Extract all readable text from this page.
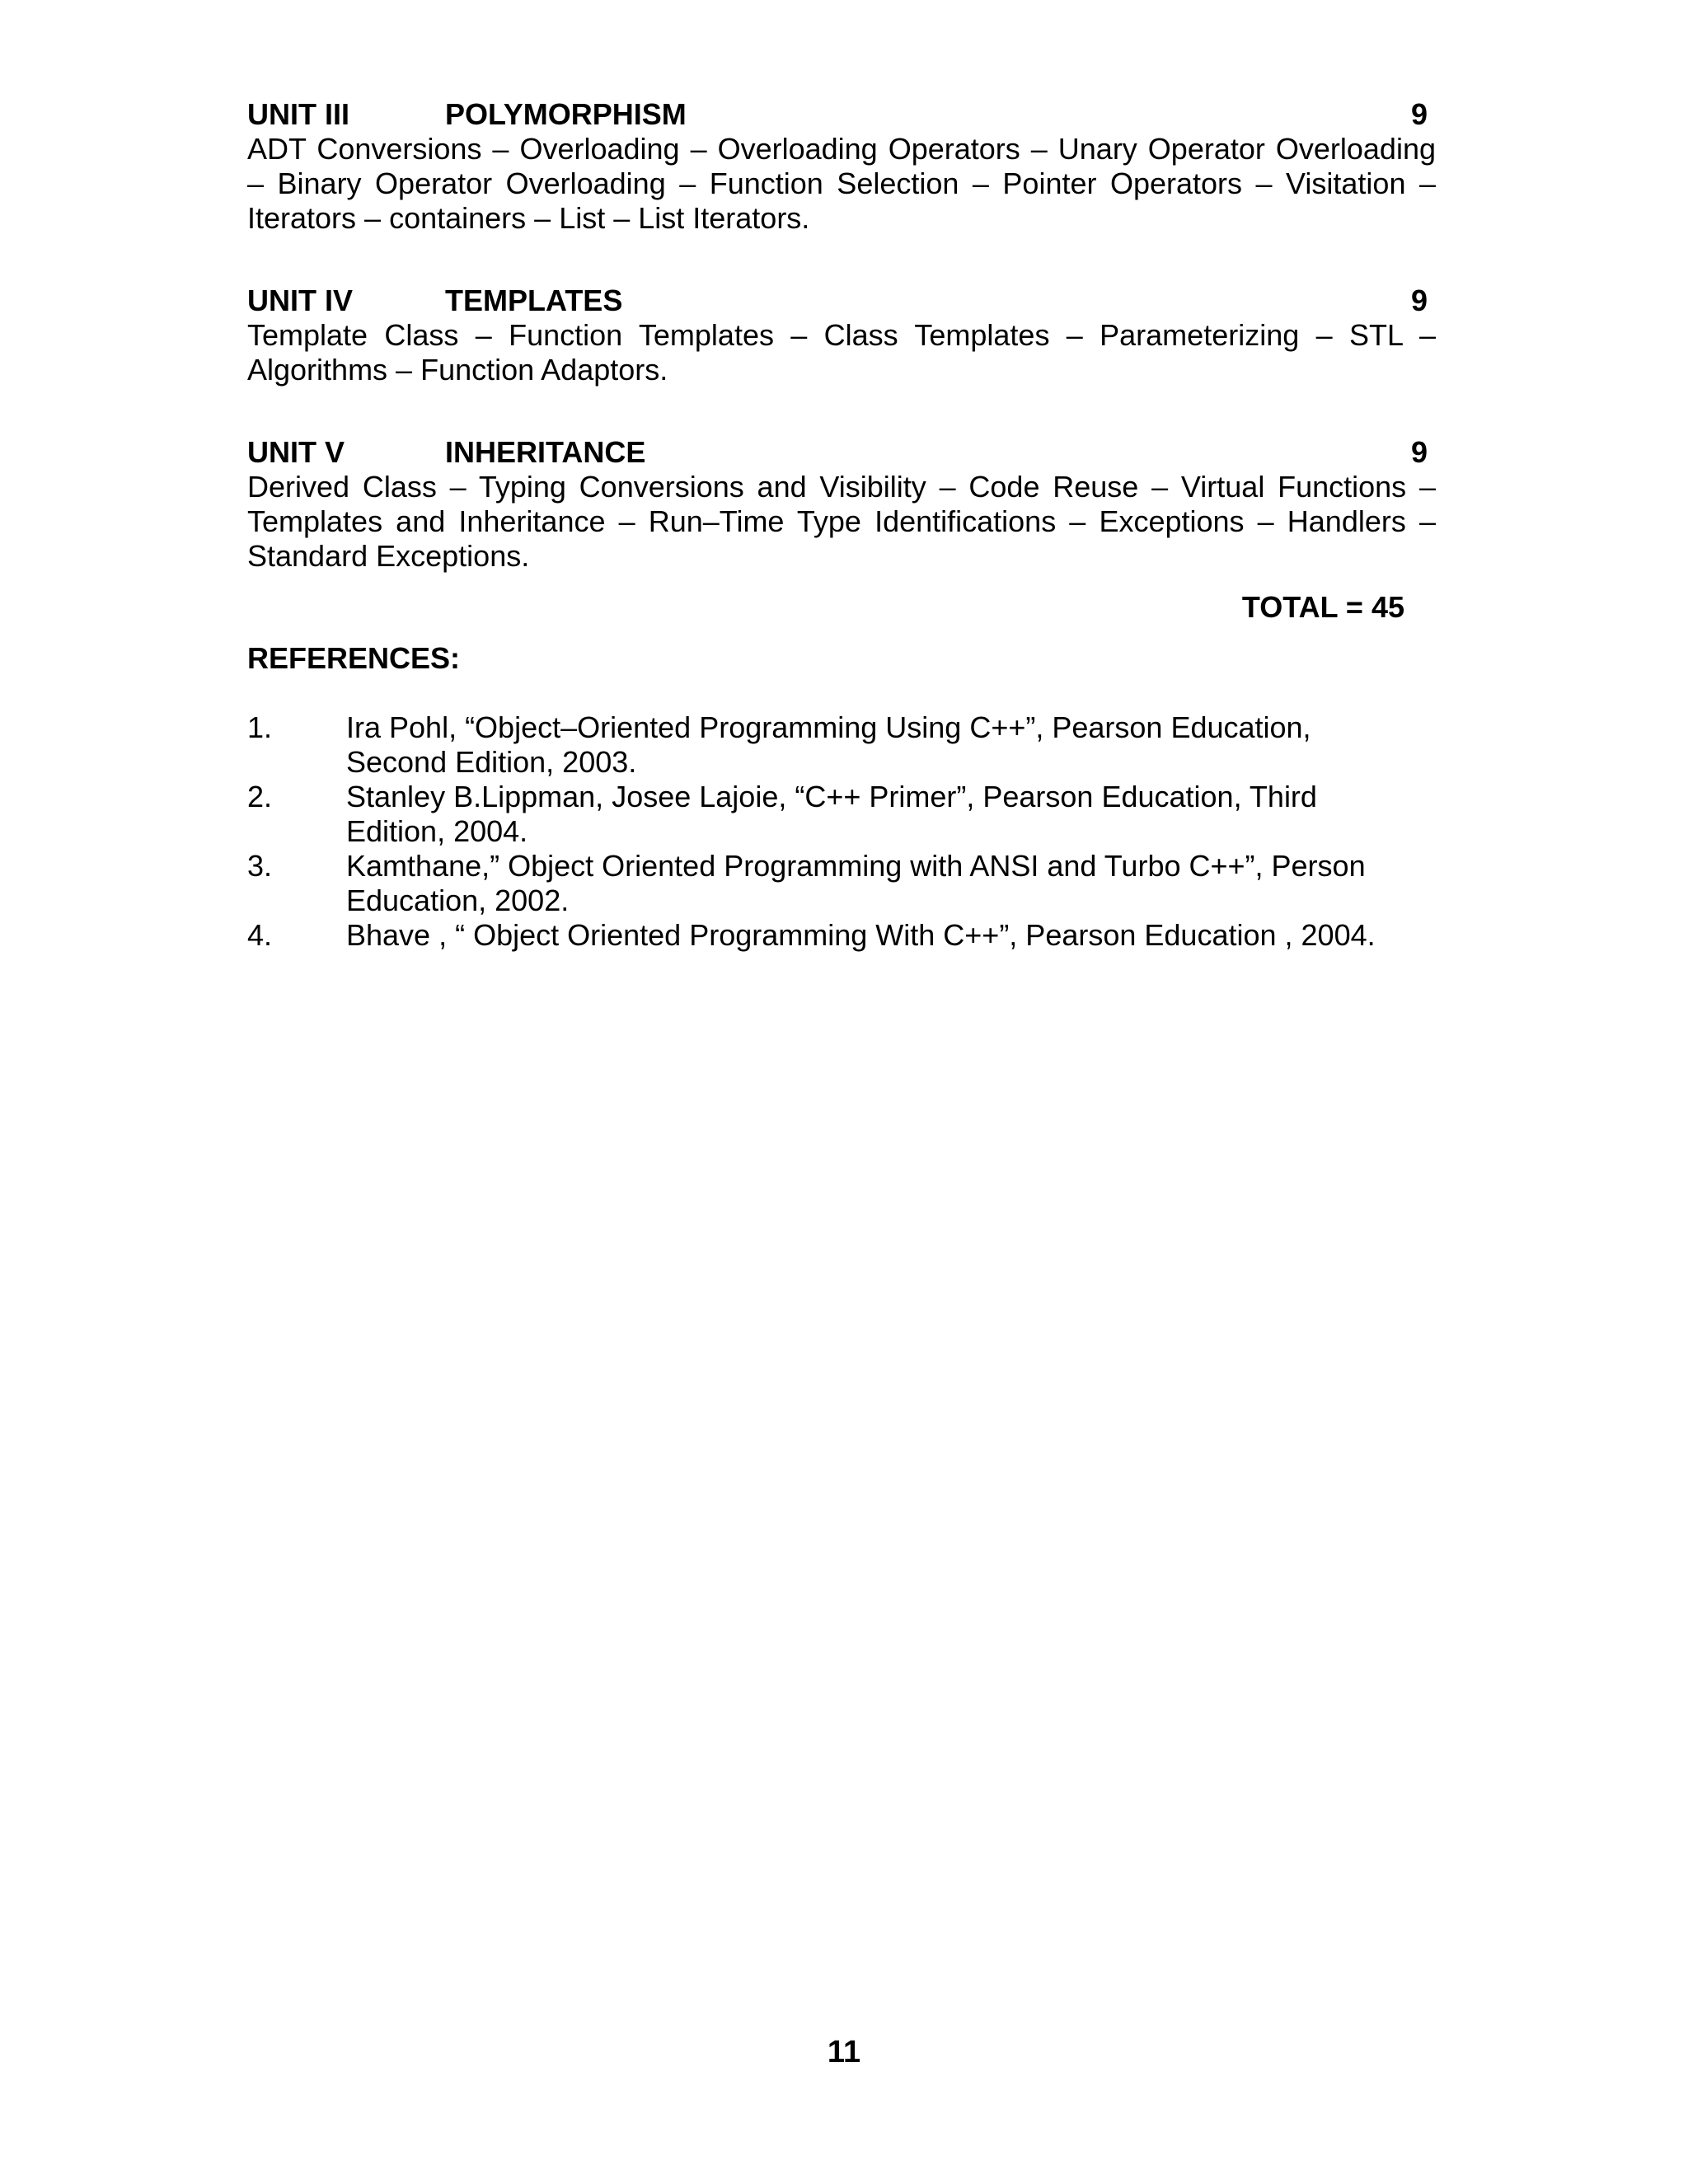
UNIT III	POLYMORPHISM	9

ADT Conversions – Overloading – Overloading Operators – Unary Operator Overloading – Binary Operator Overloading – Function Selection – Pointer Operators – Visitation – Iterators – containers – List – List Iterators.

UNIT IV	TEMPLATES	9

Template Class – Function Templates – Class Templates – Parameterizing – STL – Algorithms – Function Adaptors.

UNIT V	INHERITANCE	9

Derived Class – Typing Conversions and Visibility – Code Reuse – Virtual Functions – Templates and Inheritance – Run–Time Type Identifications – Exceptions – Handlers – Standard Exceptions.

TOTAL = 45
REFERENCES:
1.	Ira Pohl, “Object–Oriented Programming Using C++”, Pearson Education, Second Edition, 2003.
2.	Stanley B.Lippman, Josee Lajoie, “C++ Primer”, Pearson Education, Third Edition, 2004.
3.	Kamthane,” Object Oriented Programming with ANSI and Turbo C++”, Person Education, 2002.
4.	Bhave , “ Object Oriented Programming With C++”, Pearson Education , 2004.
11
